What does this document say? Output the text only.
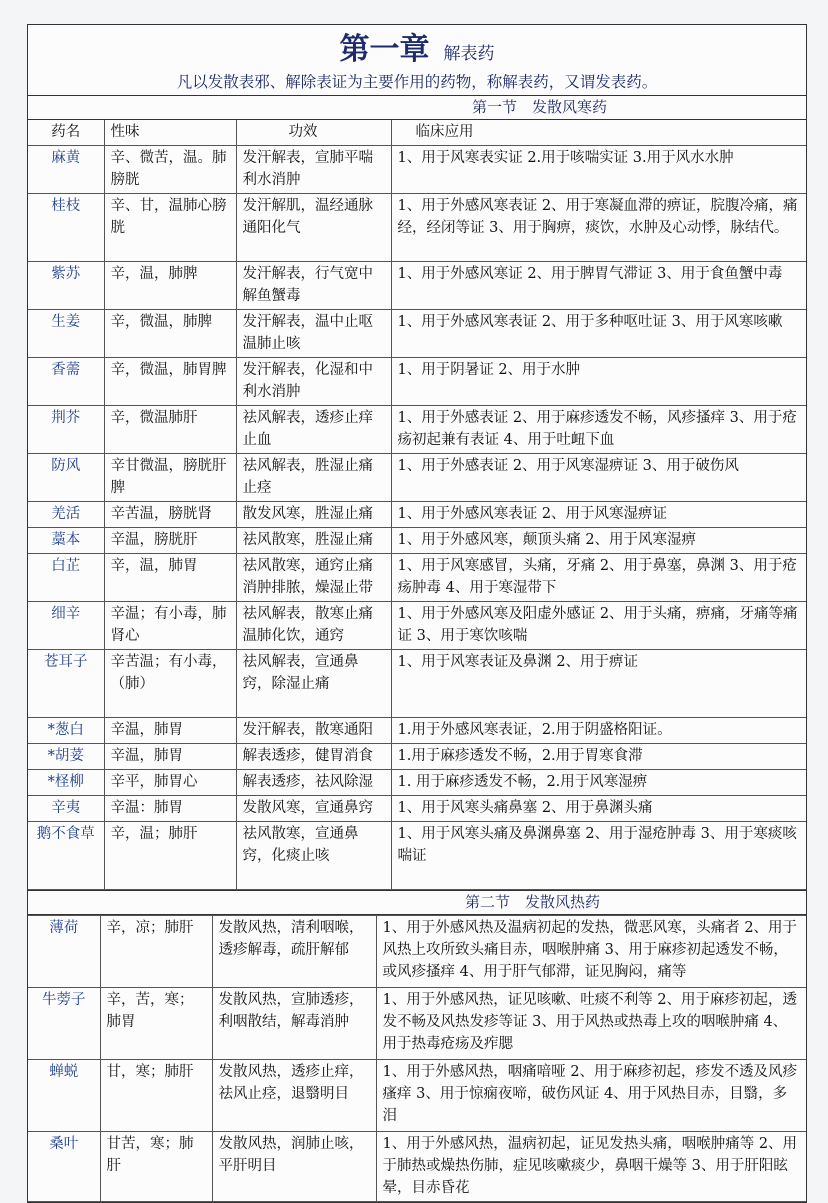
第一章 解表药
凡以发散表邪、解除表证为主要作用的药物，称解表药，又谓发表药。
第一节　发散风寒药
药名	性味	功效	临床应用
麻黄	辛、微苦，温。肺膀胱	发汗解表，宣肺平喘利水消肿	1、用于风寒表实证 2.用于咳喘实证 3.用于风水水肿
桂枝	辛、甘，温肺心膀胱	发汗解肌，温经通脉通阳化气	1、用于外感风寒表证 2、用于寒凝血滞的痹证，脘腹冷痛，痛经，经闭等证 3、用于胸痹，痰饮，水肿及心动悸，脉结代。
紫苏	辛，温，肺脾	发汗解表，行气宽中解鱼蟹毒	1、用于外感风寒证 2、用于脾胃气滞证 3、用于食鱼蟹中毒
生姜	辛，微温，肺脾	发汗解表，温中止呕温肺止咳	1、用于外感风寒表证 2、用于多种呕吐证 3、用于风寒咳嗽
香薷	辛，微温，肺胃脾	发汗解表，化湿和中利水消肿	1、用于阴暑证 2、用于水肿
荆芥	辛，微温肺肝	祛风解表，透疹止痒止血	1、用于外感表证 2、用于麻疹透发不畅，风疹搔痒 3、用于疮疡初起兼有表证 4、用于吐衄下血
防风	辛甘微温，膀胱肝脾	祛风解表，胜湿止痛止痉	1、用于外感表证 2、用于风寒湿痹证 3、用于破伤风
羌活	辛苦温，膀胱肾	散发风寒，胜湿止痛	1、用于外感风寒表证 2、用于风寒湿痹证
藁本	辛温，膀胱肝	祛风散寒，胜湿止痛	1、用于外感风寒，颠顶头痛 2、用于风寒湿痹
白芷	辛，温，肺胃	祛风散寒，通窍止痛消肿排脓，燥湿止带	1、用于风寒感冒，头痛，牙痛 2、用于鼻塞，鼻渊 3、用于疮疡肿毒 4、用于寒湿带下
细辛	辛温；有小毒，肺肾心	祛风解表，散寒止痛温肺化饮，通窍	1、用于外感风寒及阳虚外感证 2、用于头痛，痹痛，牙痛等痛证 3、用于寒饮咳喘
苍耳子	辛苦温；有小毒，（肺）	祛风解表，宣通鼻窍，除湿止痛	1、用于风寒表证及鼻渊 2、用于痹证
*葱白	辛温，肺胃	发汗解表，散寒通阳	1.用于外感风寒表证，2.用于阴盛格阳证。
*胡荽	辛温，肺胃	解表透疹，健胃消食	1.用于麻疹透发不畅，2.用于胃寒食滞
*柽柳	辛平，肺胃心	解表透疹，祛风除湿	1. 用于麻疹透发不畅，2.用于风寒湿痹
辛夷	辛温：肺胃	发散风寒，宣通鼻窍	1、用于风寒头痛鼻塞 2、用于鼻渊头痛
鹅不食草	辛，温；肺肝	祛风散寒，宣通鼻窍，化痰止咳	1、用于风寒头痛及鼻渊鼻塞 2、用于湿疮肿毒 3、用于寒痰咳喘证
第二节　发散风热药
薄荷	辛，凉；肺肝	发散风热，清利咽喉，透疹解毒，疏肝解郁	1、用于外感风热及温病初起的发热，微恶风寒，头痛者 2、用于风热上攻所致头痛目赤，咽喉肿痛 3、用于麻疹初起透发不畅，或风疹搔痒 4、用于肝气郁滞，证见胸闷，痛等
牛蒡子	辛，苦，寒；肺胃	发散风热，宣肺透疹，利咽散结，解毒消肿	1、用于外感风热，证见咳嗽、吐痰不利等 2、用于麻疹初起，透发不畅及风热发疹等证 3、用于风热或热毒上攻的咽喉肿痛 4、用于热毒疮疡及痄腮
蝉蜕	甘，寒；肺肝	发散风热，透疹止痒，祛风止痉，退翳明目	1、用于外感风热，咽痛喑哑 2、用于麻疹初起，疹发不透及风疹瘙痒 3、用于惊痫夜啼，破伤风证 4、用于风热目赤，目翳，多泪
桑叶	甘苦，寒；肺肝	发散风热，润肺止咳，平肝明目	1、用于外感风热，温病初起，证见发热头痛，咽喉肿痛等 2、用于肺热或燥热伤肺，症见咳嗽痰少，鼻咽干燥等 3、用于肝阳眩晕，目赤昏花
